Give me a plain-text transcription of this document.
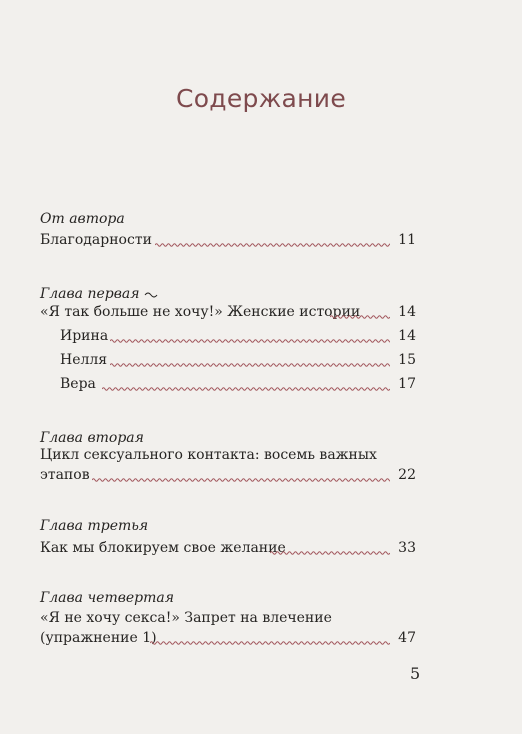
Содержание
От автора
Благодарности	11
Глава первая
«Я так больше не хочу!» Женские истории	14
Ирина	14
Нелля	15
Вера	17
Глава вторая
Цикл сексуального контакта: восемь важных
этапов	22
Глава третья
Как мы блокируем свое желание	33
Глава четвертая
«Я не хочу секса!» Запрет на влечение
(упражнение 1)	47
5
